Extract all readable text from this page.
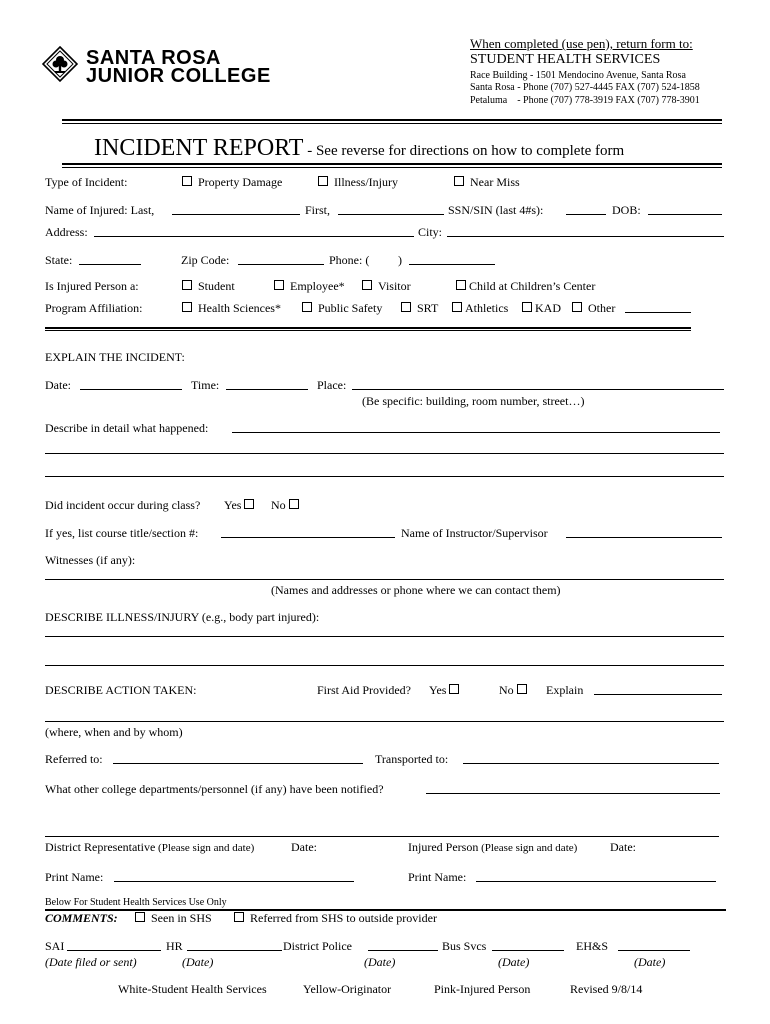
SANTA ROSA
JUNIOR COLLEGE
When completed (use pen), return form to:
STUDENT HEALTH SERVICES
Race Building - 1501 Mendocino Avenue, Santa Rosa
Santa Rosa - Phone (707) 527-4445 FAX (707) 524-1858
Petaluma    - Phone (707) 778-3919 FAX (707) 778-3901
INCIDENT REPORT - See reverse for directions on how to complete form
Type of Incident:	Property Damage	Illness/Injury	Near Miss
Name of Injured: Last,	First,	SSN/SIN (last 4#s):	DOB:
Address:	City:
State:	Zip Code:	Phone: ( )
Is Injured Person a:	Student	Employee*	Visitor	Child at Children’s Center
Program Affiliation:	Health Sciences*	Public Safety	SRT	Athletics	KAD	Other
EXPLAIN THE INCIDENT:
Date:	Time:	Place:
(Be specific: building, room number, street…)
Describe in detail what happened:
Did incident occur during class? Yes	No
If yes, list course title/section #:	Name of Instructor/Supervisor
Witnesses (if any):
(Names and addresses or phone where we can contact them)
DESCRIBE ILLNESS/INJURY (e.g., body part injured):
DESCRIBE ACTION TAKEN:	First Aid Provided? Yes	No	Explain
(where, when and by whom)
Referred to:	Transported to:
What other college departments/personnel (if any) have been notified?
District Representative (Please sign and date)	Date:	Injured Person (Please sign and date)	Date:
Print Name:	Print Name:
Below For Student Health Services Use Only
COMMENTS:	Seen in SHS	Referred from SHS to outside provider
SAI	HR	District Police	Bus Svcs	EH&S
(Date filed or sent)	(Date)	(Date)	(Date)	(Date)
White-Student Health Services	Yellow-Originator	Pink-Injured Person	Revised 9/8/14
